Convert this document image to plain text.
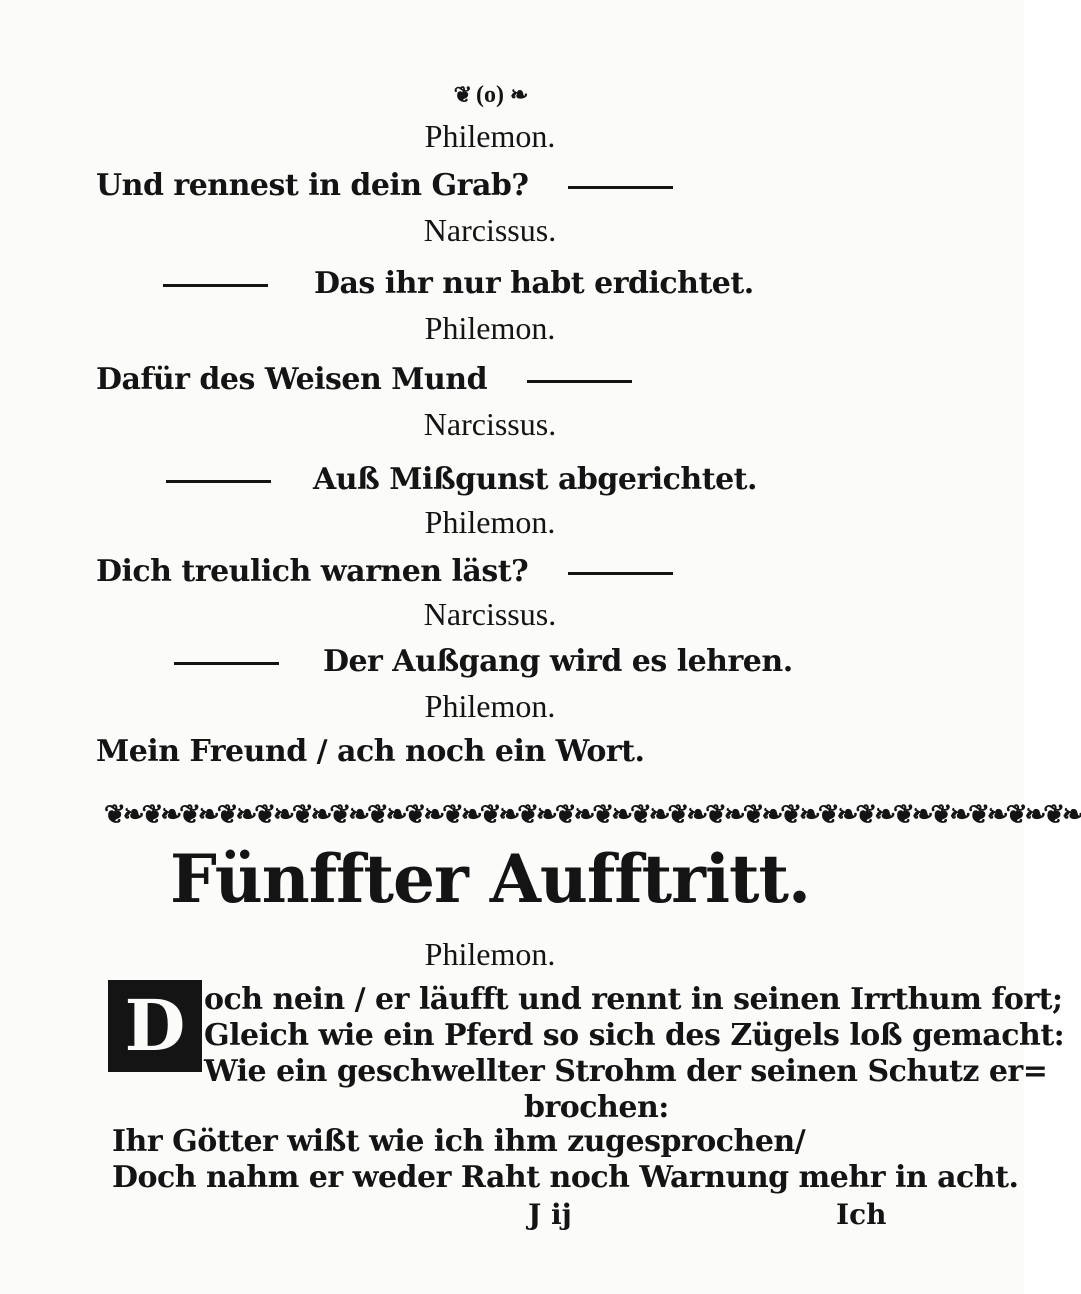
❦ (o) ❧
Philemon.
Und rennest in dein Grab?
Narcissus.
Das ihr nur habt erdichtet.
Philemon.
Dafür des Weisen Mund
Narcissus.
Auß Mißgunst abgerichtet.
Philemon.
Dich treulich warnen läst?
Narcissus.
Der Außgang wird es lehren.
Philemon.
Mein Freund / ach noch ein Wort.
❦❧❦❧❦❧❦❧❦❧❦❧❦❧❦❧❦❧❦❧❦❧❦❧❦❧❦❧❦❧❦❧❦❧❦❧❦❧❦❧❦❧❦❧❦❧❦❧❦❧❦❧
Fünffter Aufftritt.
Philemon.
D och nein / er läufft und rennt in seinen Irrthum fort;
Gleich wie ein Pferd so sich des Zügels loß gemacht:
Wie ein geschwellter Strohm der seinen Schutz er=
brochen:
Ihr Götter wißt wie ich ihm zugesprochen/
Doch nahm er weder Raht noch Warnung mehr in acht.
J ij	Ich
